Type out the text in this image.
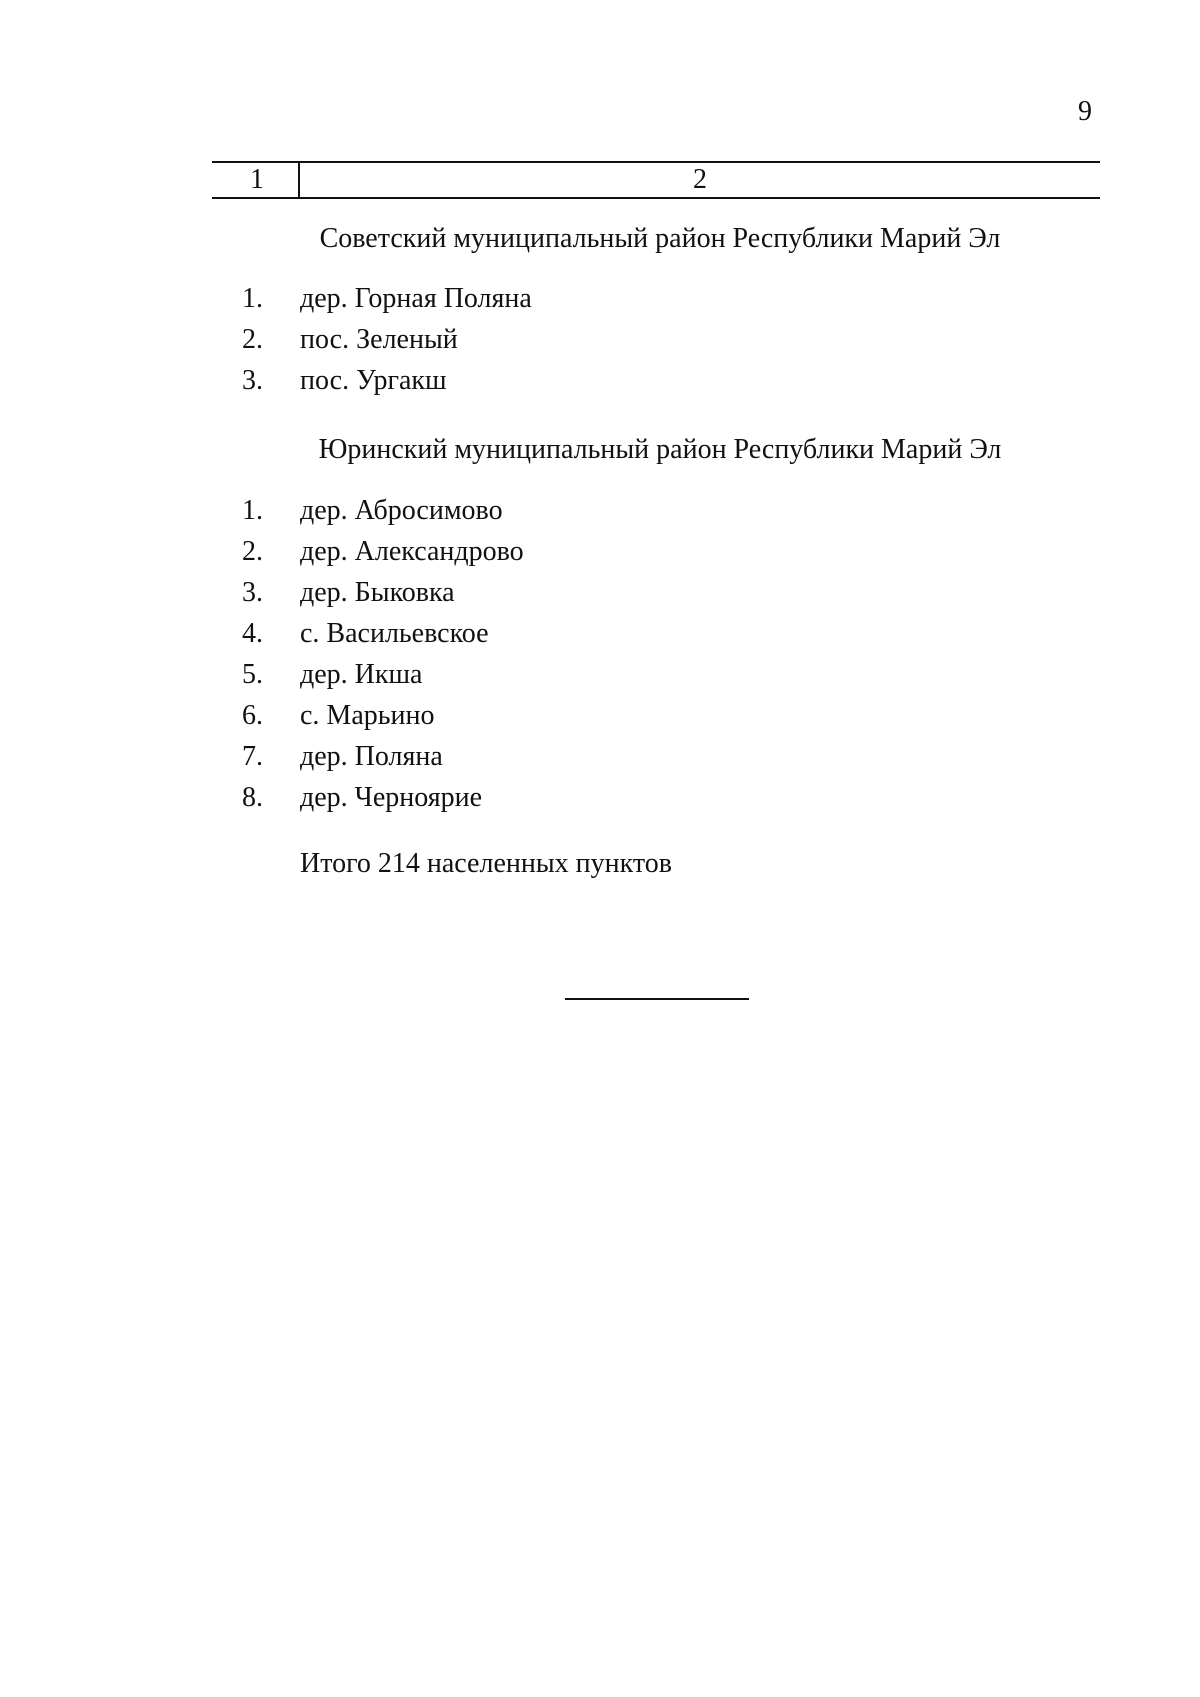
9
1	2
Советский муниципальный район Республики Марий Эл
1. дер. Горная Поляна
2. пос. Зеленый
3. пос. Ургакш
Юринский муниципальный район Республики Марий Эл
1. дер. Абросимово
2. дер. Александрово
3. дер. Быковка
4. с. Васильевское
5. дер. Икша
6. с. Марьино
7. дер. Поляна
8. дер. Черноярие
Итого 214 населенных пунктов
